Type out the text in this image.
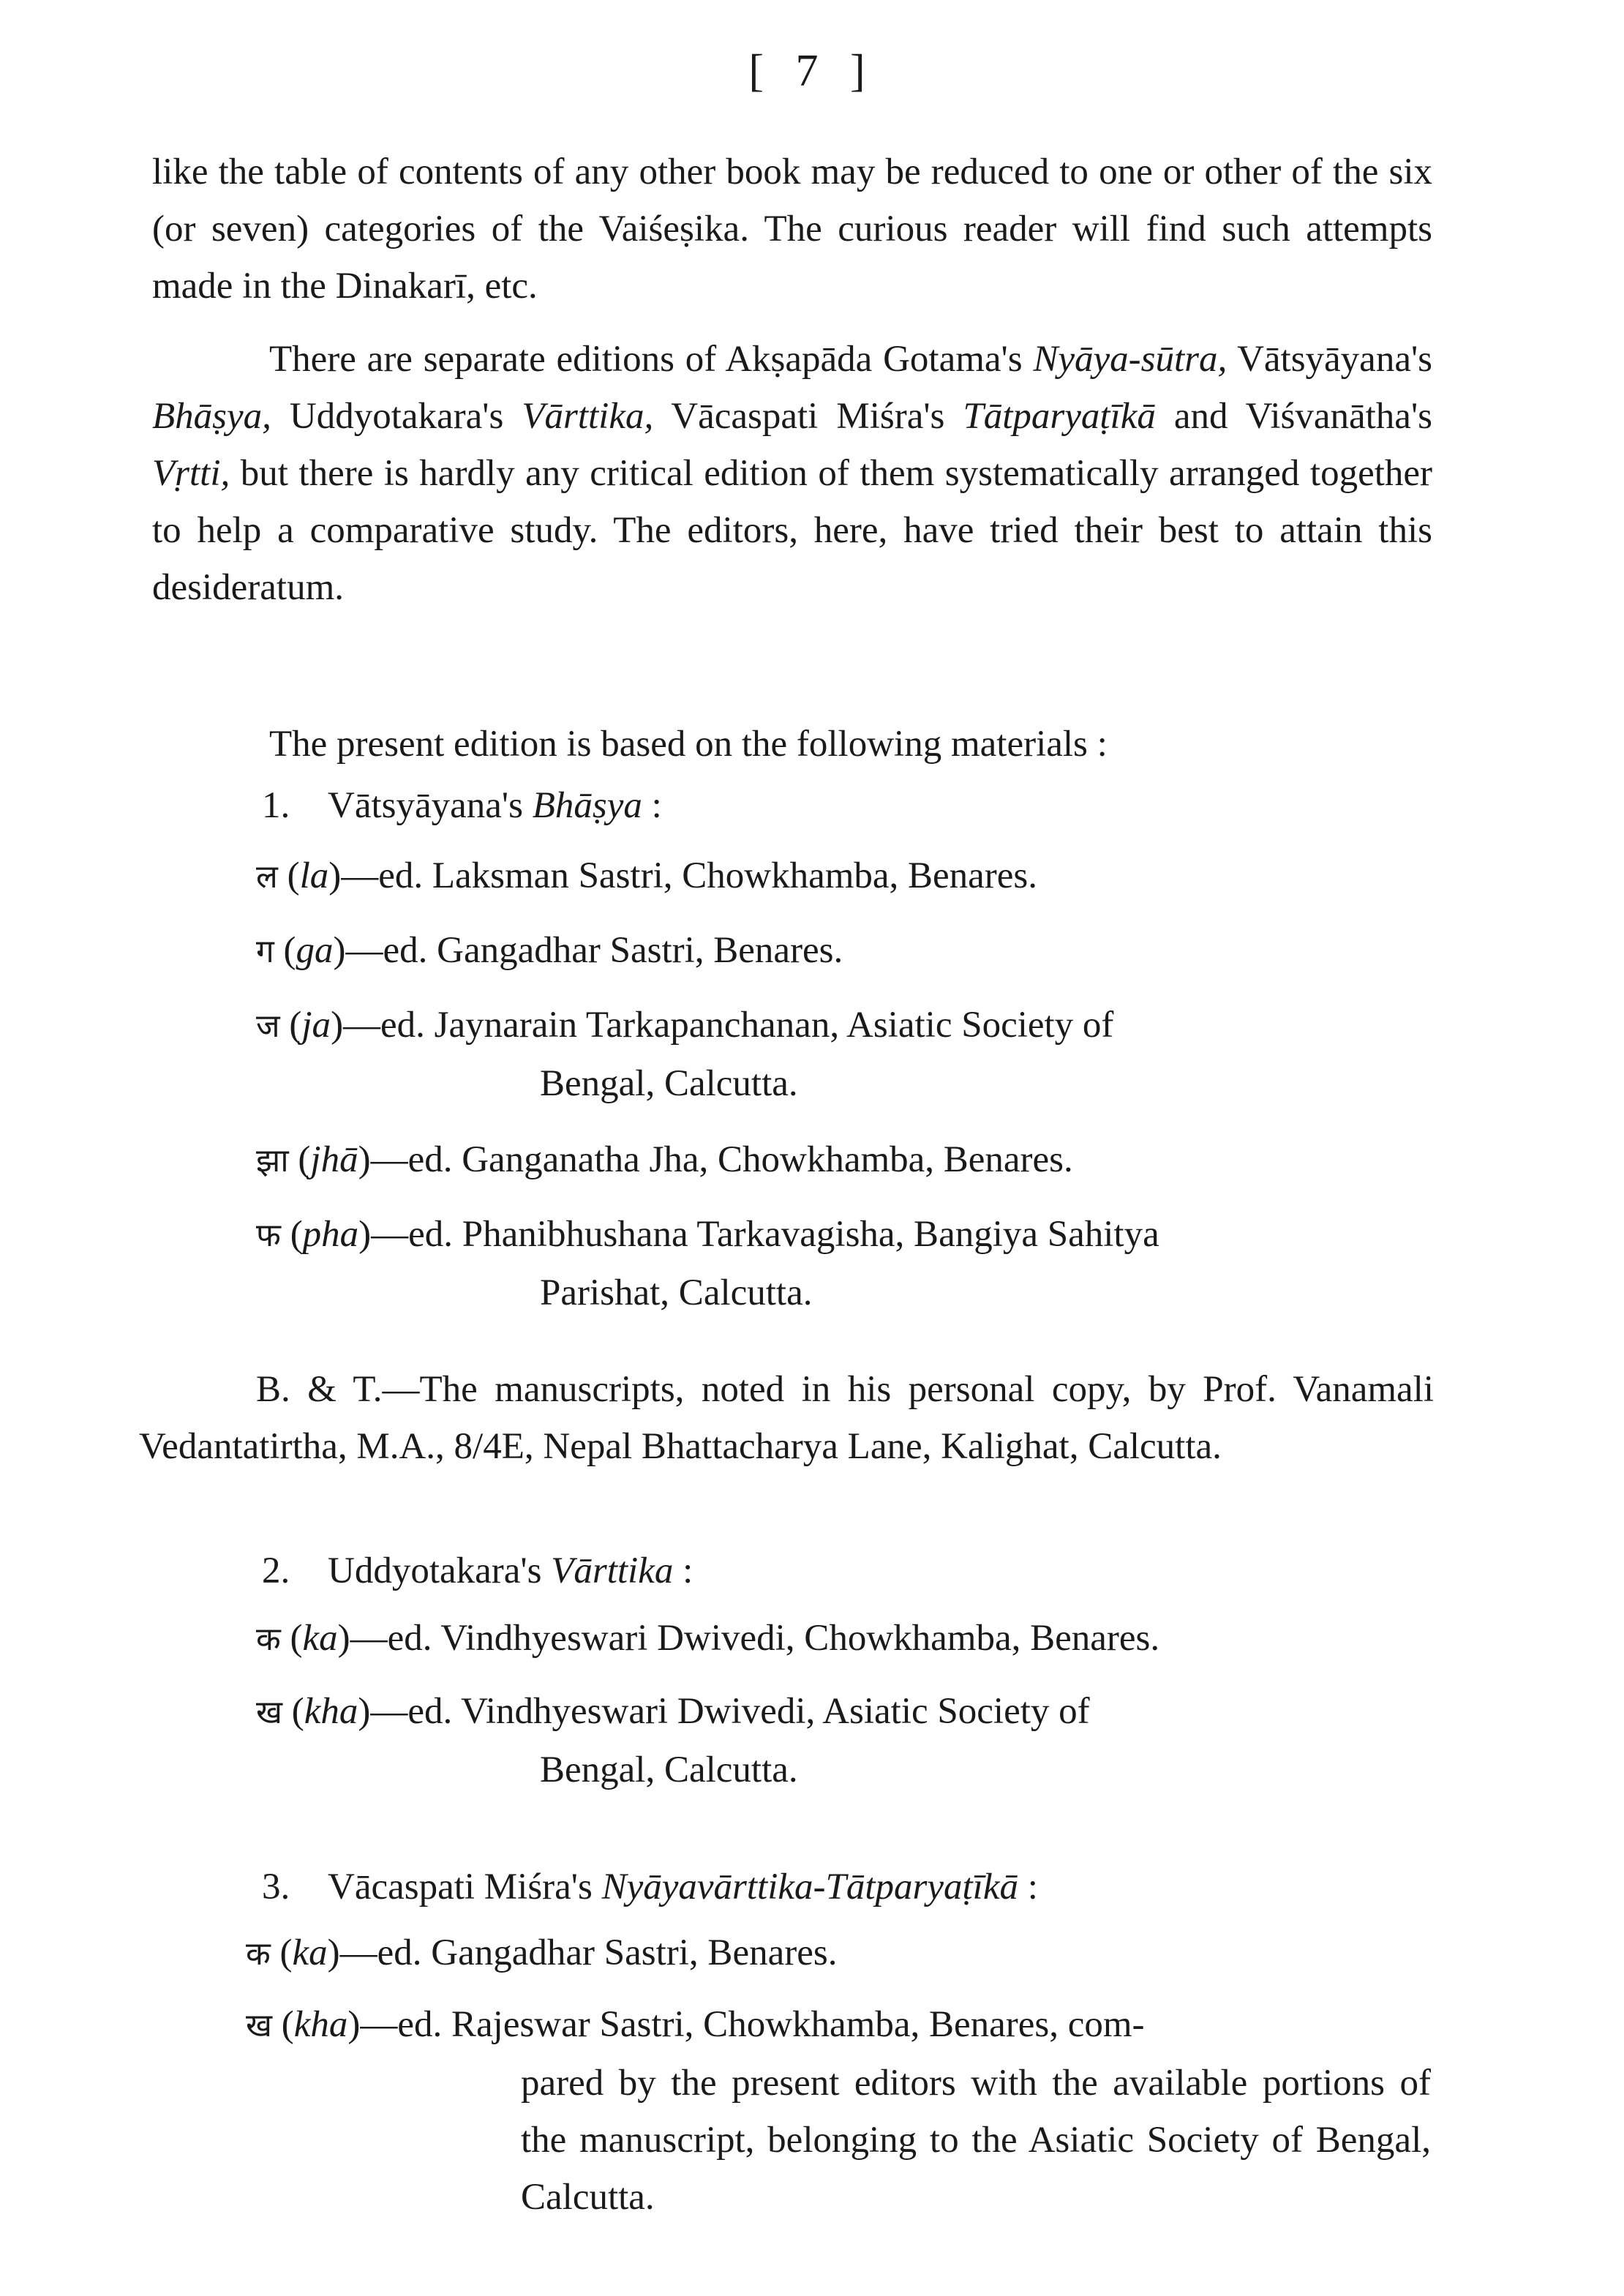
[ 7 ]
like the table of contents of any other book may be reduced to one or other of the six (or seven) categories of the Vaiśeṣika. The curious reader will find such attempts made in the Dinakarī, etc.
There are separate editions of Akṣapāda Gotama's Nyāya-sūtra, Vātsyāyana's Bhāṣya, Uddyotakara's Vārttika, Vācaspati Miśra's Tātparyaṭīkā and Viśvanātha's Vṛtti, but there is hardly any critical edition of them systematically arranged together to help a comparative study. The editors, here, have tried their best to attain this desideratum.
The present edition is based on the following materials :
1. Vātsyāyana's Bhāṣya :
ल (la) —ed. Laksman Sastri, Chowkhamba, Benares.
ग (ga) —ed. Gangadhar Sastri, Benares.
ज (ja) —ed. Jaynarain Tarkapanchanan, Asiatic Society of
Bengal, Calcutta.
झा (jhā) —ed. Ganganatha Jha, Chowkhamba, Benares.
फ (pha) —ed. Phanibhushana Tarkavagisha, Bangiya Sahitya
Parishat, Calcutta.
B. & T.—The manuscripts, noted in his personal copy, by Prof. Vanamali Vedantatirtha, M.A., 8/4E, Nepal Bhattacharya Lane, Kalighat, Calcutta.
2. Uddyotakara's Vārttika :
क (ka) —ed. Vindhyeswari Dwivedi, Chowkhamba, Benares.
ख (kha) —ed. Vindhyeswari Dwivedi, Asiatic Society of
Bengal, Calcutta.
3. Vācaspati Miśra's Nyāyavārttika-Tātparyaṭīkā :
क (ka) —ed. Gangadhar Sastri, Benares.
ख (kha) —ed. Rajeswar Sastri, Chowkhamba, Benares, com-
pared by the present editors with the available portions of the manuscript, belonging to the Asiatic Society of Bengal, Calcutta.
